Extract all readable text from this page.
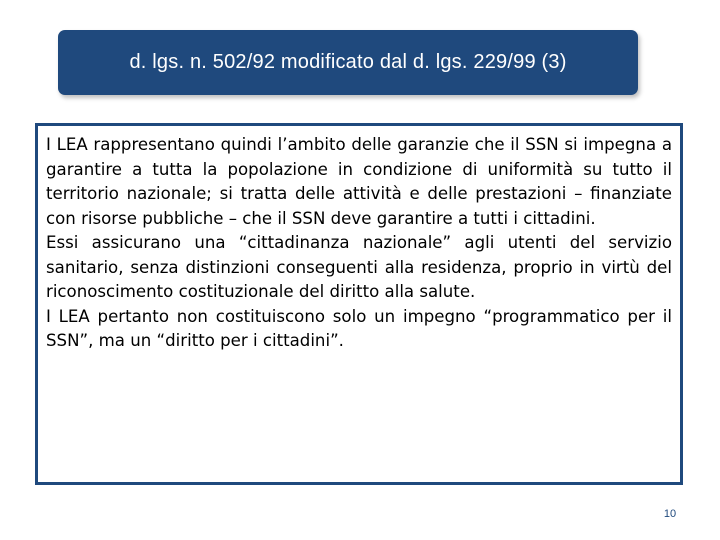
d. lgs. n. 502/92 modificato dal d. lgs. 229/99 (3)

I LEA rappresentano quindi l’ambito delle garanzie che il SSN si impegna a garantire a tutta la popolazione in condizione di uniformità su tutto il territorio nazionale; si tratta delle attività e delle prestazioni – finanziate con risorse pubbliche – che il SSN deve garantire a tutti i cittadini.

Essi assicurano una “cittadinanza nazionale” agli utenti del servizio sanitario, senza distinzioni conseguenti alla residenza, proprio in virtù del riconoscimento costituzionale del diritto alla salute.

I LEA pertanto non costituiscono solo un impegno “programmatico per il SSN”, ma un “diritto per i cittadini”.

10
